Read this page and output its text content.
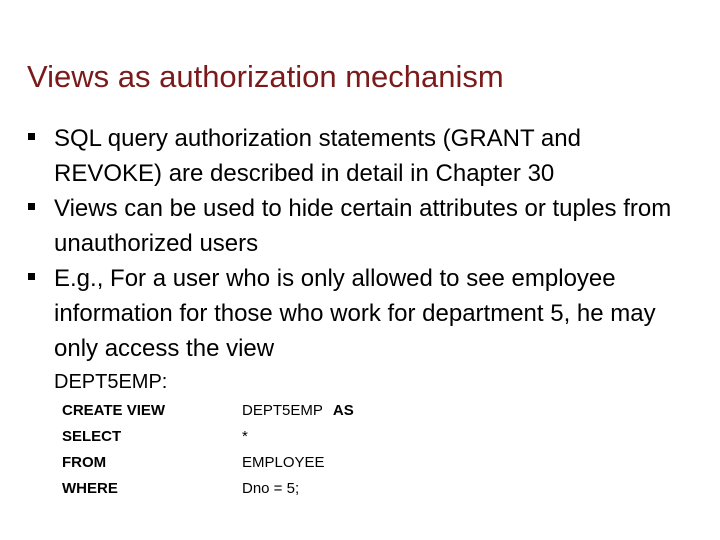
Views as authorization mechanism
SQL query authorization statements (GRANT and REVOKE) are described in detail in Chapter 30
Views can be used to hide certain attributes or tuples from unauthorized users
E.g., For a user who is only allowed to see employee information for those who work for department 5, he may only access the view
DEPT5EMP:
CREATE VIEW	DEPT5EMP AS
SELECT	*
FROM	EMPLOYEE
WHERE	Dno = 5;
